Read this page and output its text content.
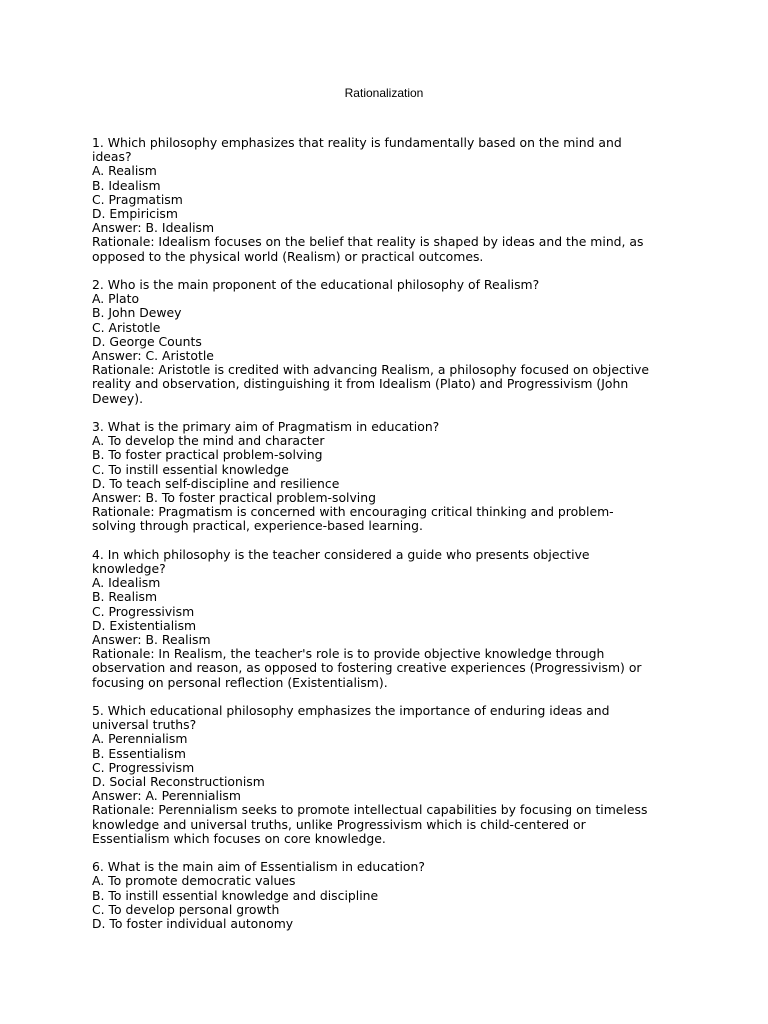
Rationalization
1. Which philosophy emphasizes that reality is fundamentally based on the mind and
ideas?
A. Realism
B. Idealism
C. Pragmatism
D. Empiricism
Answer: B. Idealism
Rationale: Idealism focuses on the belief that reality is shaped by ideas and the mind, as
opposed to the physical world (Realism) or practical outcomes.
2. Who is the main proponent of the educational philosophy of Realism?
A. Plato
B. John Dewey
C. Aristotle
D. George Counts
Answer: C. Aristotle
Rationale: Aristotle is credited with advancing Realism, a philosophy focused on objective
reality and observation, distinguishing it from Idealism (Plato) and Progressivism (John
Dewey).
3. What is the primary aim of Pragmatism in education?
A. To develop the mind and character
B. To foster practical problem-solving
C. To instill essential knowledge
D. To teach self-discipline and resilience
Answer: B. To foster practical problem-solving
Rationale: Pragmatism is concerned with encouraging critical thinking and problem-
solving through practical, experience-based learning.
4. In which philosophy is the teacher considered a guide who presents objective
knowledge?
A. Idealism
B. Realism
C. Progressivism
D. Existentialism
Answer: B. Realism
Rationale: In Realism, the teacher's role is to provide objective knowledge through
observation and reason, as opposed to fostering creative experiences (Progressivism) or
focusing on personal reflection (Existentialism).
5. Which educational philosophy emphasizes the importance of enduring ideas and
universal truths?
A. Perennialism
B. Essentialism
C. Progressivism
D. Social Reconstructionism
Answer: A. Perennialism
Rationale: Perennialism seeks to promote intellectual capabilities by focusing on timeless
knowledge and universal truths, unlike Progressivism which is child-centered or
Essentialism which focuses on core knowledge.
6. What is the main aim of Essentialism in education?
A. To promote democratic values
B. To instill essential knowledge and discipline
C. To develop personal growth
D. To foster individual autonomy
